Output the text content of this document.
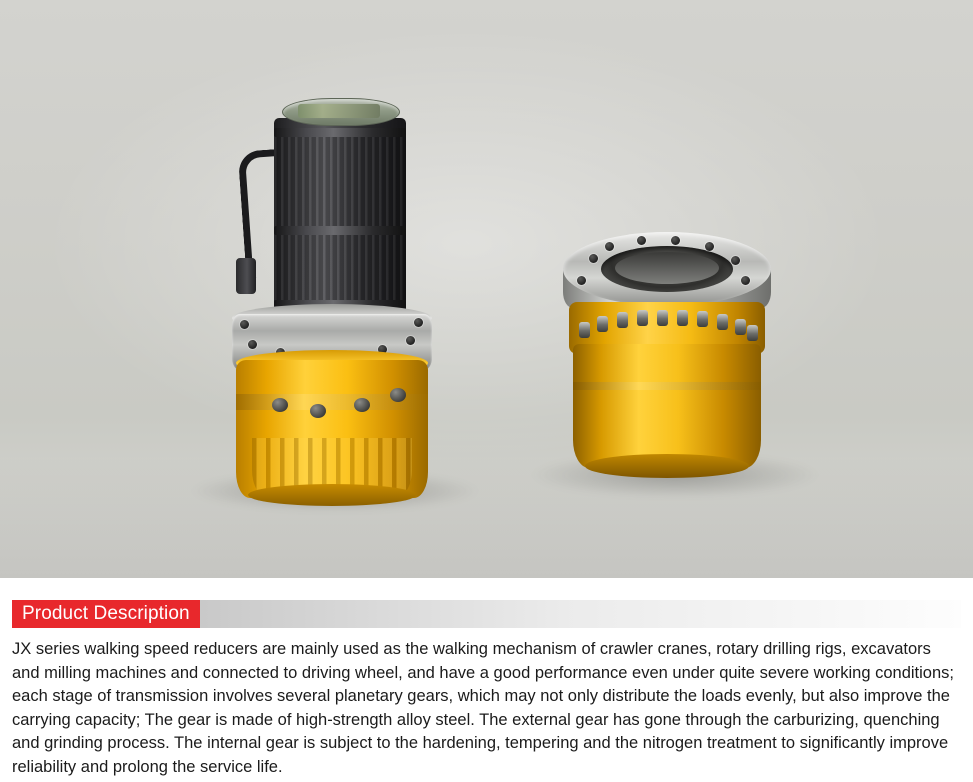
Product Description

JX series walking speed reducers are mainly used as the walking mechanism of crawler cranes, rotary drilling rigs, excavators and milling machines and connected to driving wheel, and have a good performance even under quite severe working conditions; each stage of transmission involves several planetary gears, which may not only distribute the loads evenly, but also improve the carrying capacity; The gear is made of high-strength alloy steel. The external gear has gone through the carburizing, quenching and grinding process. The internal gear is subject to the hardening, tempering and the nitrogen treatment to significantly improve reliability and prolong the service life.
